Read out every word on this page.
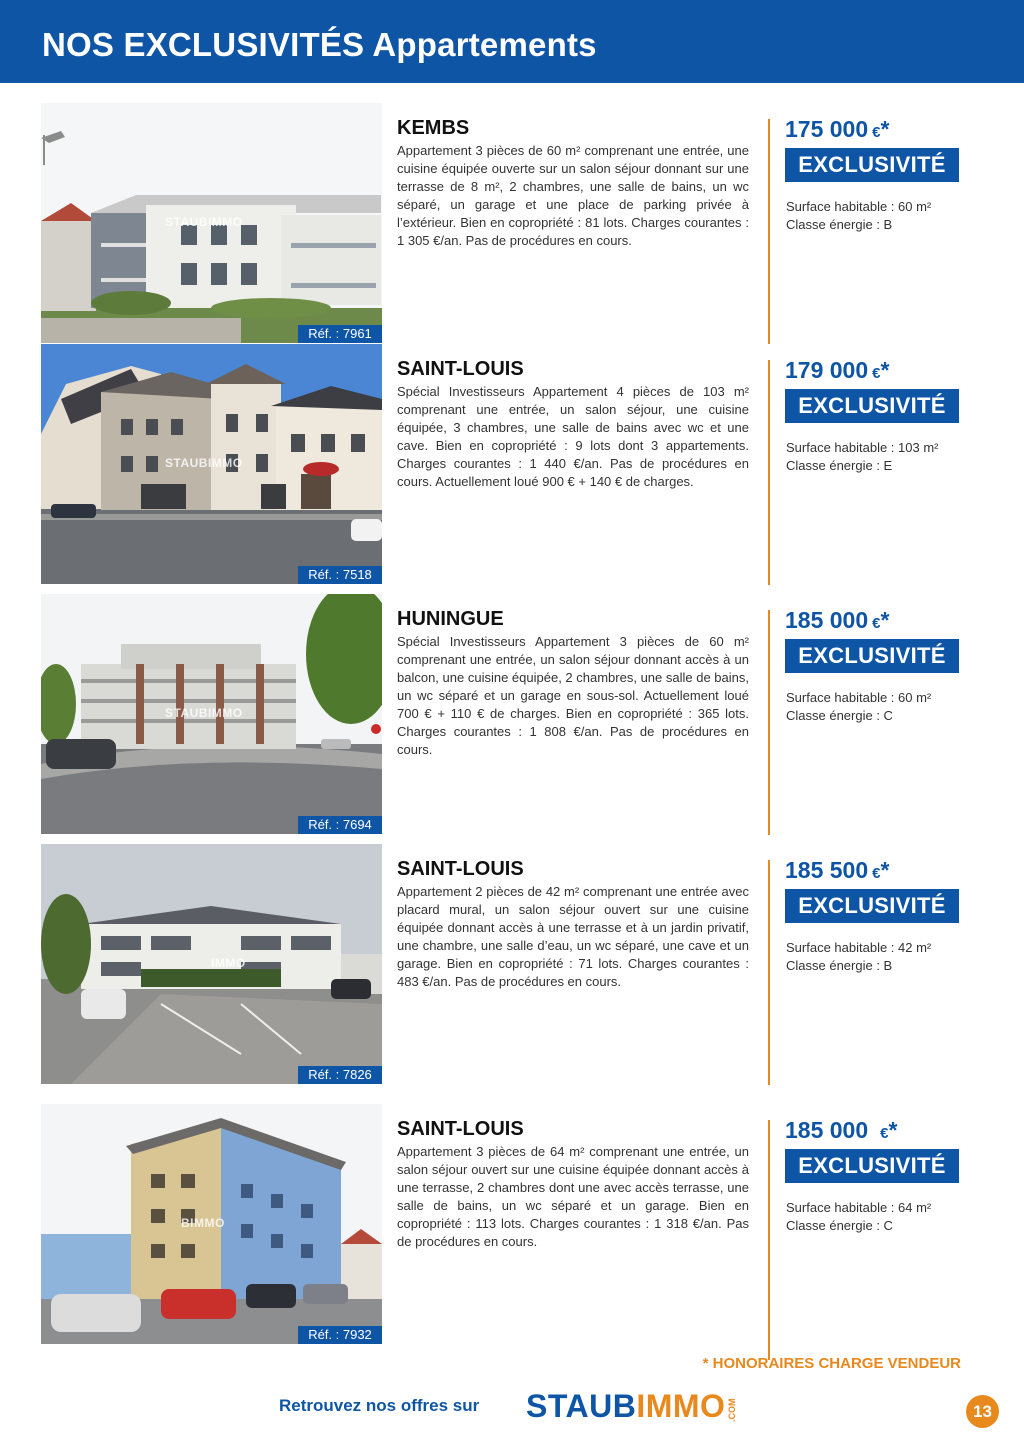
NOS EXCLUSIVITÉS Appartements
STAUBIMMO
Réf. : 7961
KEMBS
Appartement 3 pièces de 60 m² comprenant une entrée, une cuisine équipée ouverte sur un salon séjour donnant sur une terrasse de 8 m², 2 chambres, une salle de bains, un wc séparé, un garage et une place de parking privée à l’extérieur. Bien en copropriété : 81 lots. Charges courantes : 1 305 €/an. Pas de procédures en cours.
175 000 €*
EXCLUSIVITÉ
Surface habitable : 60 m²
Classe énergie : B
STAUBIMMO
Réf. : 7518
SAINT-LOUIS
Spécial Investisseurs Appartement 4 pièces de 103 m² comprenant une entrée, un salon séjour, une cuisine équipée, 3 chambres, une salle de bains avec wc et une cave. Bien en copropriété : 9 lots dont 3 appartements. Charges courantes : 1 440 €/an. Pas de procédures en cours. Actuellement loué 900 € + 140 € de charges.
179 000 €*
EXCLUSIVITÉ
Surface habitable : 103 m²
Classe énergie : E
STAUBIMMO
Réf. : 7694
HUNINGUE
Spécial Investisseurs Appartement 3 pièces de 60 m² comprenant une entrée, un salon séjour donnant accès à un balcon, une cuisine équipée, 2 chambres, une salle de bains, un wc séparé et un garage en sous-sol. Actuellement loué 700 € + 110 € de charges. Bien en copropriété : 365 lots. Charges courantes : 1 808 €/an. Pas de procédures en cours.
185 000 €*
EXCLUSIVITÉ
Surface habitable : 60 m²
Classe énergie : C
IMMO
Réf. : 7826
SAINT-LOUIS
Appartement 2 pièces de 42 m² comprenant une entrée avec placard mural, un salon séjour ouvert sur une cuisine équipée donnant accès à une terrasse et à un jardin privatif, une chambre, une salle d’eau, un wc séparé, une cave et un garage. Bien en copropriété : 71 lots. Charges courantes : 483 €/an. Pas de procédures en cours.
185 500 €*
EXCLUSIVITÉ
Surface habitable : 42 m²
Classe énergie : B
BIMMO
Réf. : 7932
SAINT-LOUIS
Appartement 3 pièces de 64 m² comprenant une entrée, un salon séjour ouvert sur une cuisine équipée donnant accès à une terrasse, 2 chambres dont une avec accès terrasse, une salle de bains, un wc séparé et un garage. Bien en copropriété : 113 lots. Charges courantes : 1 318 €/an. Pas de procédures en cours.
185 000 €*
EXCLUSIVITÉ
Surface habitable : 64 m²
Classe énergie : C
* HONORAIRES CHARGE VENDEUR
Retrouvez nos offres sur STAUBIMMO .COM	13
